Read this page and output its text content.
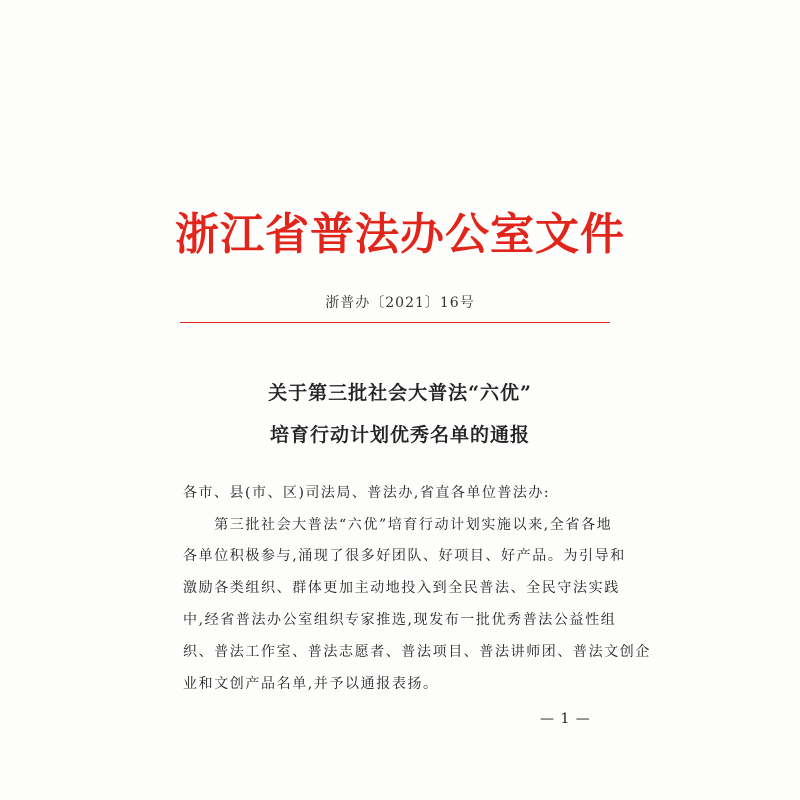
浙江省普法办公室文件
浙普办〔2021〕16号
关于第三批社会大普法“六优”
培育行动计划优秀名单的通报
各市、县(市、区)司法局、普法办,省直各单位普法办:
　　第三批社会大普法“六优”培育行动计划实施以来,全省各地
各单位积极参与,涌现了很多好团队、好项目、好产品。为引导和
激励各类组织、群体更加主动地投入到全民普法、全民守法实践
中,经省普法办公室组织专家推选,现发布一批优秀普法公益性组
织、普法工作室、普法志愿者、普法项目、普法讲师团、普法文创企
业和文创产品名单,并予以通报表扬。
— 1 —
